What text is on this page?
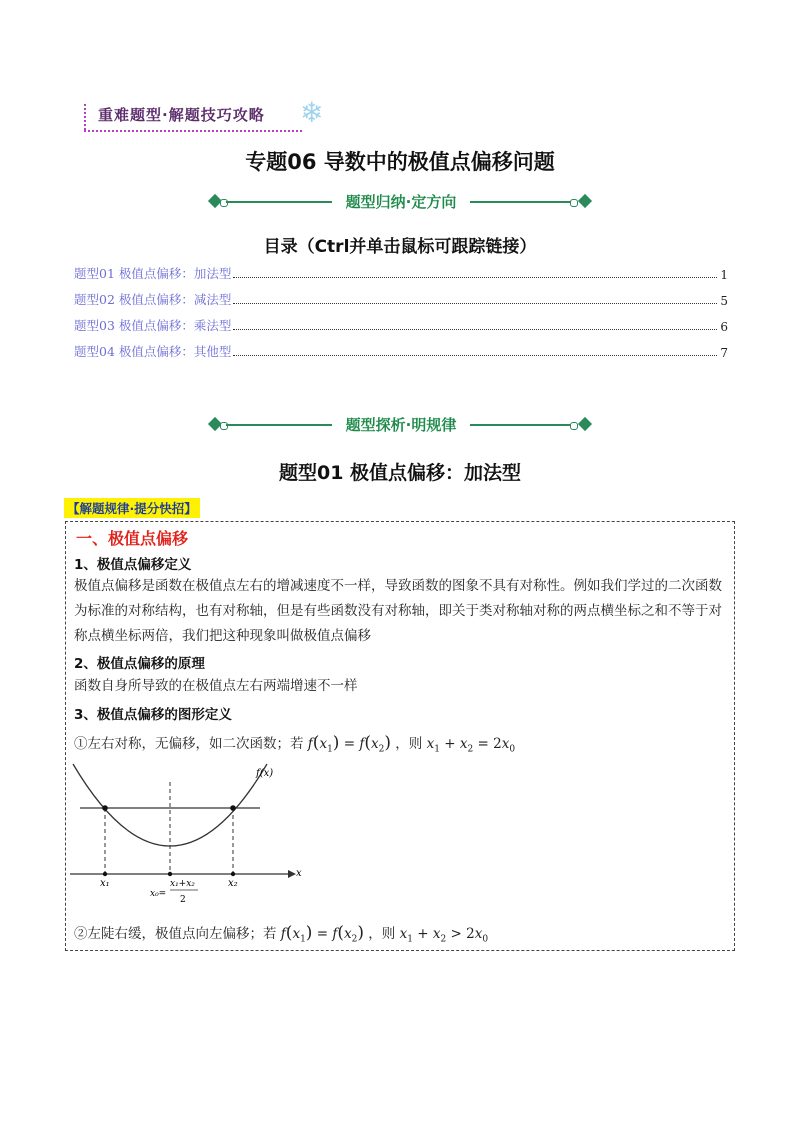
重难题型·解题技巧攻略 ❄
专题06 导数中的极值点偏移问题
题型归纳·定方向
目录（Ctrl并单击鼠标可跟踪链接）
题型01 极值点偏移：加法型	1
题型02 极值点偏移：减法型	5
题型03 极值点偏移：乘法型	6
题型04 极值点偏移：其他型	7
题型探析·明规律
题型01 极值点偏移：加法型
【解题规律·提分快招】
一、极值点偏移
1、极值点偏移定义
极值点偏移是函数在极值点左右的增减速度不一样，导致函数的图象不具有对称性。例如我们学过的二次函数为标准的对称结构，也有对称轴，但是有些函数没有对称轴，即关于类对称轴对称的两点横坐标之和不等于对称点横坐标两倍，我们把这种现象叫做极值点偏移
2、极值点偏移的原理
函数自身所导致的在极值点左右两端增速不一样
3、极值点偏移的图形定义
①左右对称，无偏移，如二次函数；若 $f(x_1) = f(x_2)$ ，则 $x_1 + x_2 = 2x_0$
f(x)
x
x₁	x₂
x₀=
x₁+x₂
2
②左陡右缓，极值点向左偏移；若 $f(x_1) = f(x_2)$ ，则 $x_1 + x_2 > 2x_0$
